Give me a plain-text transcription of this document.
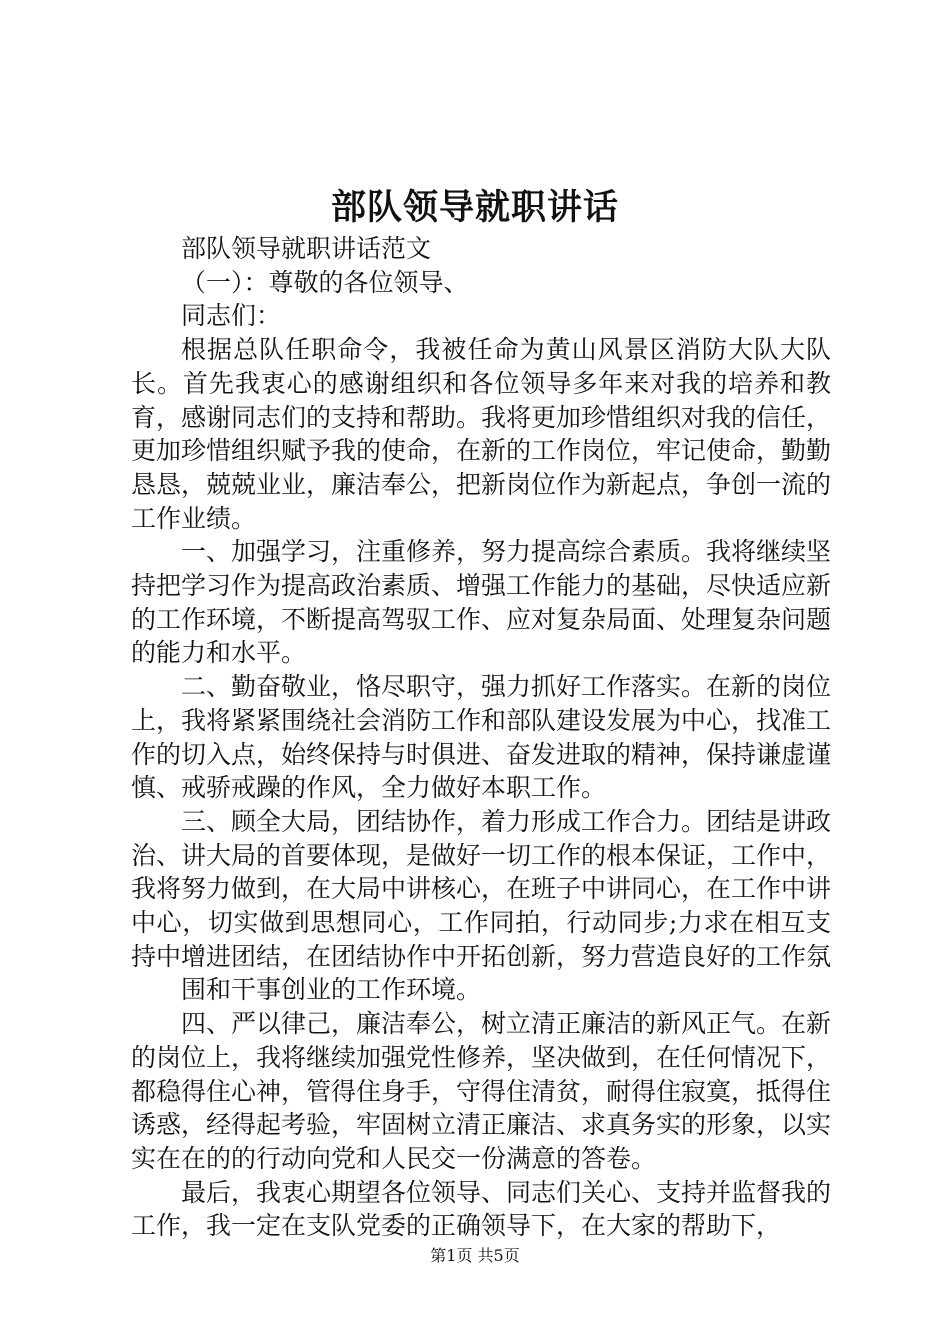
部队领导就职讲话

部队领导就职讲话范文

（一）：尊敬的各位领导、

同志们：

根据总队任职命令，我被任命为黄山风景区消防大队大队长。首先我衷心的感谢组织和各位领导多年来对我的培养和教育，感谢同志们的支持和帮助。我将更加珍惜组织对我的信任，更加珍惜组织赋予我的使命，在新的工作岗位，牢记使命，勤勤恳恳，兢兢业业，廉洁奉公，把新岗位作为新起点，争创一流的工作业绩。

一、加强学习，注重修养，努力提高综合素质。我将继续坚持把学习作为提高政治素质、增强工作能力的基础，尽快适应新的工作环境，不断提高驾驭工作、应对复杂局面、处理复杂问题的能力和水平。

二、勤奋敬业，恪尽职守，强力抓好工作落实。在新的岗位上，我将紧紧围绕社会消防工作和部队建设发展为中心，找准工作的切入点，始终保持与时俱进、奋发进取的精神，保持谦虚谨慎、戒骄戒躁的作风，全力做好本职工作。

三、顾全大局，团结协作，着力形成工作合力。团结是讲政治、讲大局的首要体现，是做好一切工作的根本保证，工作中，我将努力做到，在大局中讲核心，在班子中讲同心，在工作中讲中心，切实做到思想同心，工作同拍，行动同步;力求在相互支持中增进团结，在团结协作中开拓创新，努力营造良好的工作氛

围和干事创业的工作环境。

四、严以律己，廉洁奉公，树立清正廉洁的新风正气。在新的岗位上，我将继续加强党性修养，坚决做到，在任何情况下，都稳得住心神，管得住身手，守得住清贫，耐得住寂寞，抵得住诱惑，经得起考验，牢固树立清正廉洁、求真务实的形象，以实实在在的的行动向党和人民交一份满意的答卷。

最后，我衷心期望各位领导、同志们关心、支持并监督我的工作，我一定在支队党委的正确领导下，在大家的帮助下，

第1页 共5页
